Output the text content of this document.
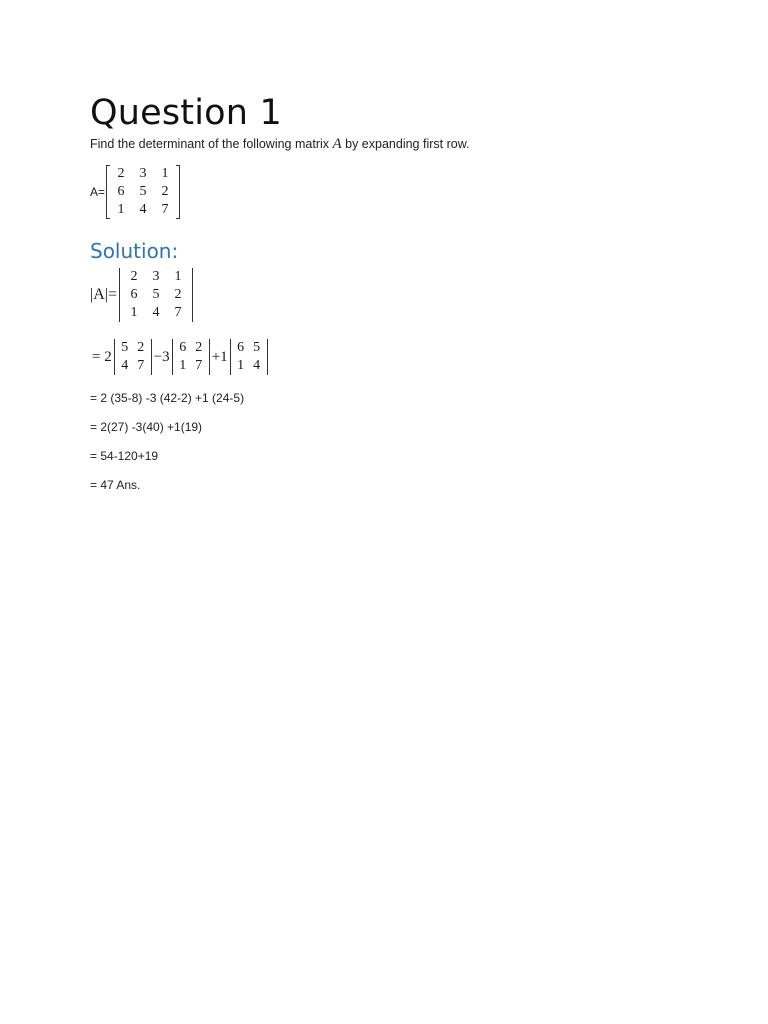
Question 1
Find the determinant of the following matrix A by expanding first row.
A=
2	3	1
6	5	2
1	4	7
Solution:
|A|=
2	3	1
6	5	2
1	4	7
= 2
5 2
4 7
−3
6 2
1 7
+1
6 5
1 4
= 2 (35-8) -3 (42-2) +1 (24-5)
= 2(27) -3(40) +1(19)
= 54-120+19
= 47 Ans.
